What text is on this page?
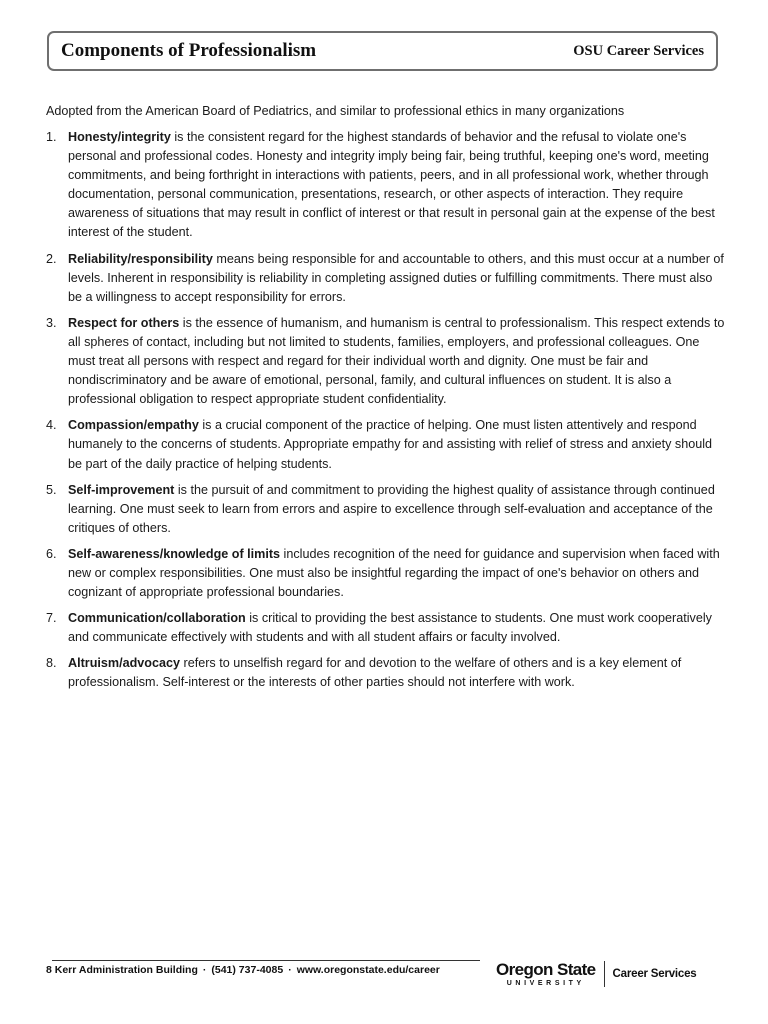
Components of Professionalism	OSU Career Services
Adopted from the American Board of Pediatrics, and similar to professional ethics in many organizations
1. Honesty/integrity is the consistent regard for the highest standards of behavior and the refusal to violate one's personal and professional codes. Honesty and integrity imply being fair, being truthful, keeping one's word, meeting commitments, and being forthright in interactions with patients, peers, and in all professional work, whether through documentation, personal communication, presentations, research, or other aspects of interaction. They require awareness of situations that may result in conflict of interest or that result in personal gain at the expense of the best interest of the student.
2. Reliability/responsibility means being responsible for and accountable to others, and this must occur at a number of levels. Inherent in responsibility is reliability in completing assigned duties or fulfilling commitments. There must also be a willingness to accept responsibility for errors.
3. Respect for others is the essence of humanism, and humanism is central to professionalism. This respect extends to all spheres of contact, including but not limited to students, families, employers, and professional colleagues. One must treat all persons with respect and regard for their individual worth and dignity. One must be fair and nondiscriminatory and be aware of emotional, personal, family, and cultural influences on student. It is also a professional obligation to respect appropriate student confidentiality.
4. Compassion/empathy is a crucial component of the practice of helping. One must listen attentively and respond humanely to the concerns of students. Appropriate empathy for and assisting with relief of stress and anxiety should be part of the daily practice of helping students.
5. Self-improvement is the pursuit of and commitment to providing the highest quality of assistance through continued learning. One must seek to learn from errors and aspire to excellence through self-evaluation and acceptance of the critiques of others.
6. Self-awareness/knowledge of limits includes recognition of the need for guidance and supervision when faced with new or complex responsibilities. One must also be insightful regarding the impact of one's behavior on others and cognizant of appropriate professional boundaries.
7. Communication/collaboration is critical to providing the best assistance to students. One must work cooperatively and communicate effectively with students and with all student affairs or faculty involved.
8. Altruism/advocacy refers to unselfish regard for and devotion to the welfare of others and is a key element of professionalism. Self-interest or the interests of other parties should not interfere with work.
8 Kerr Administration Building · (541) 737-4085 · www.oregonstate.edu/career	Oregon State
UNIVERSITY
Career Services
